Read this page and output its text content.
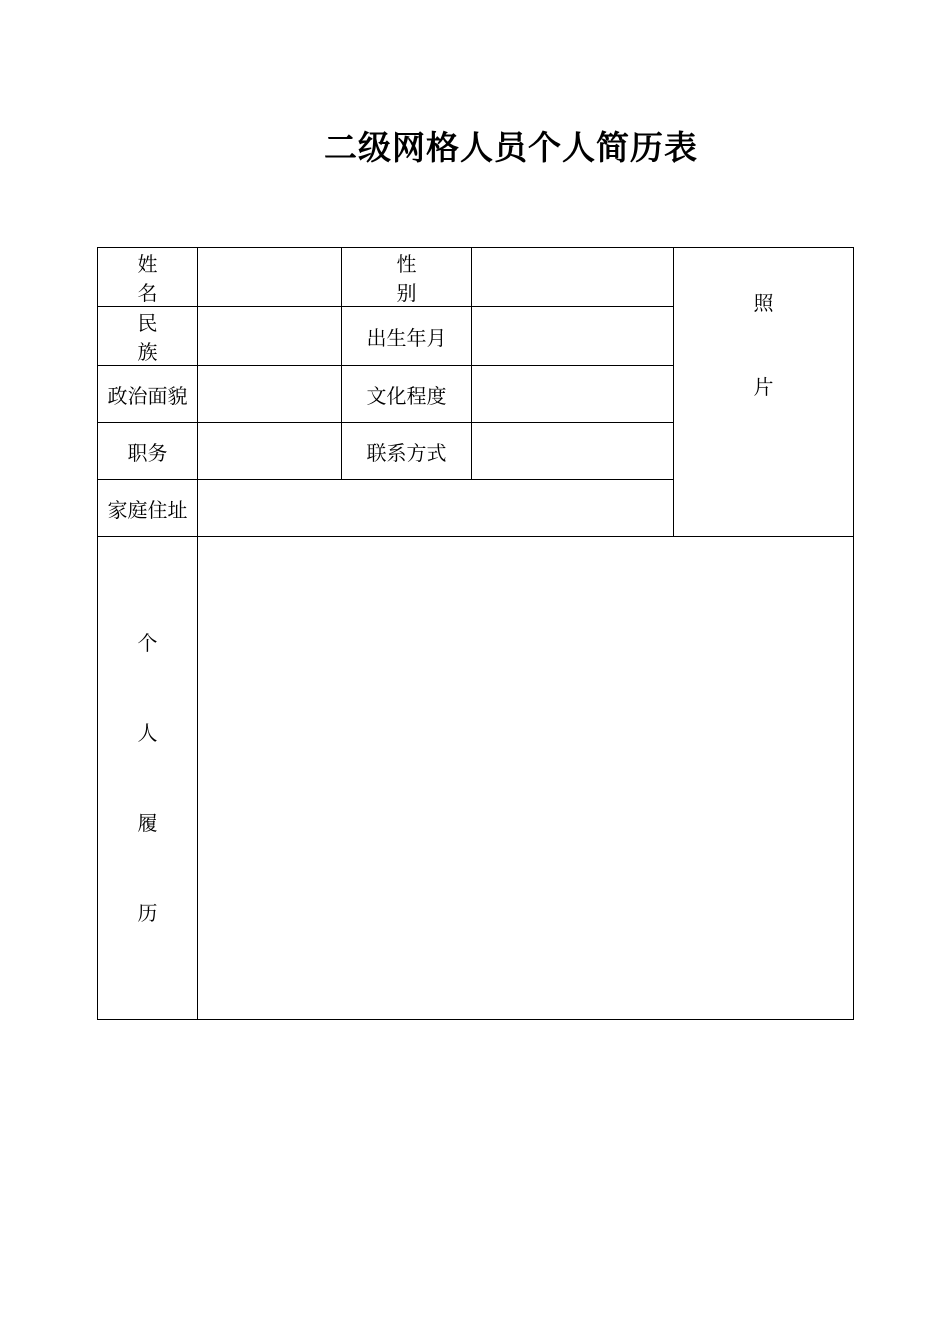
二级网格人员个人简历表
姓 名		性 别		照
片

民 族		出生年月		
政治面貌		文化程度		
职务		联系方式		
家庭住址				

个
人
履
历				
